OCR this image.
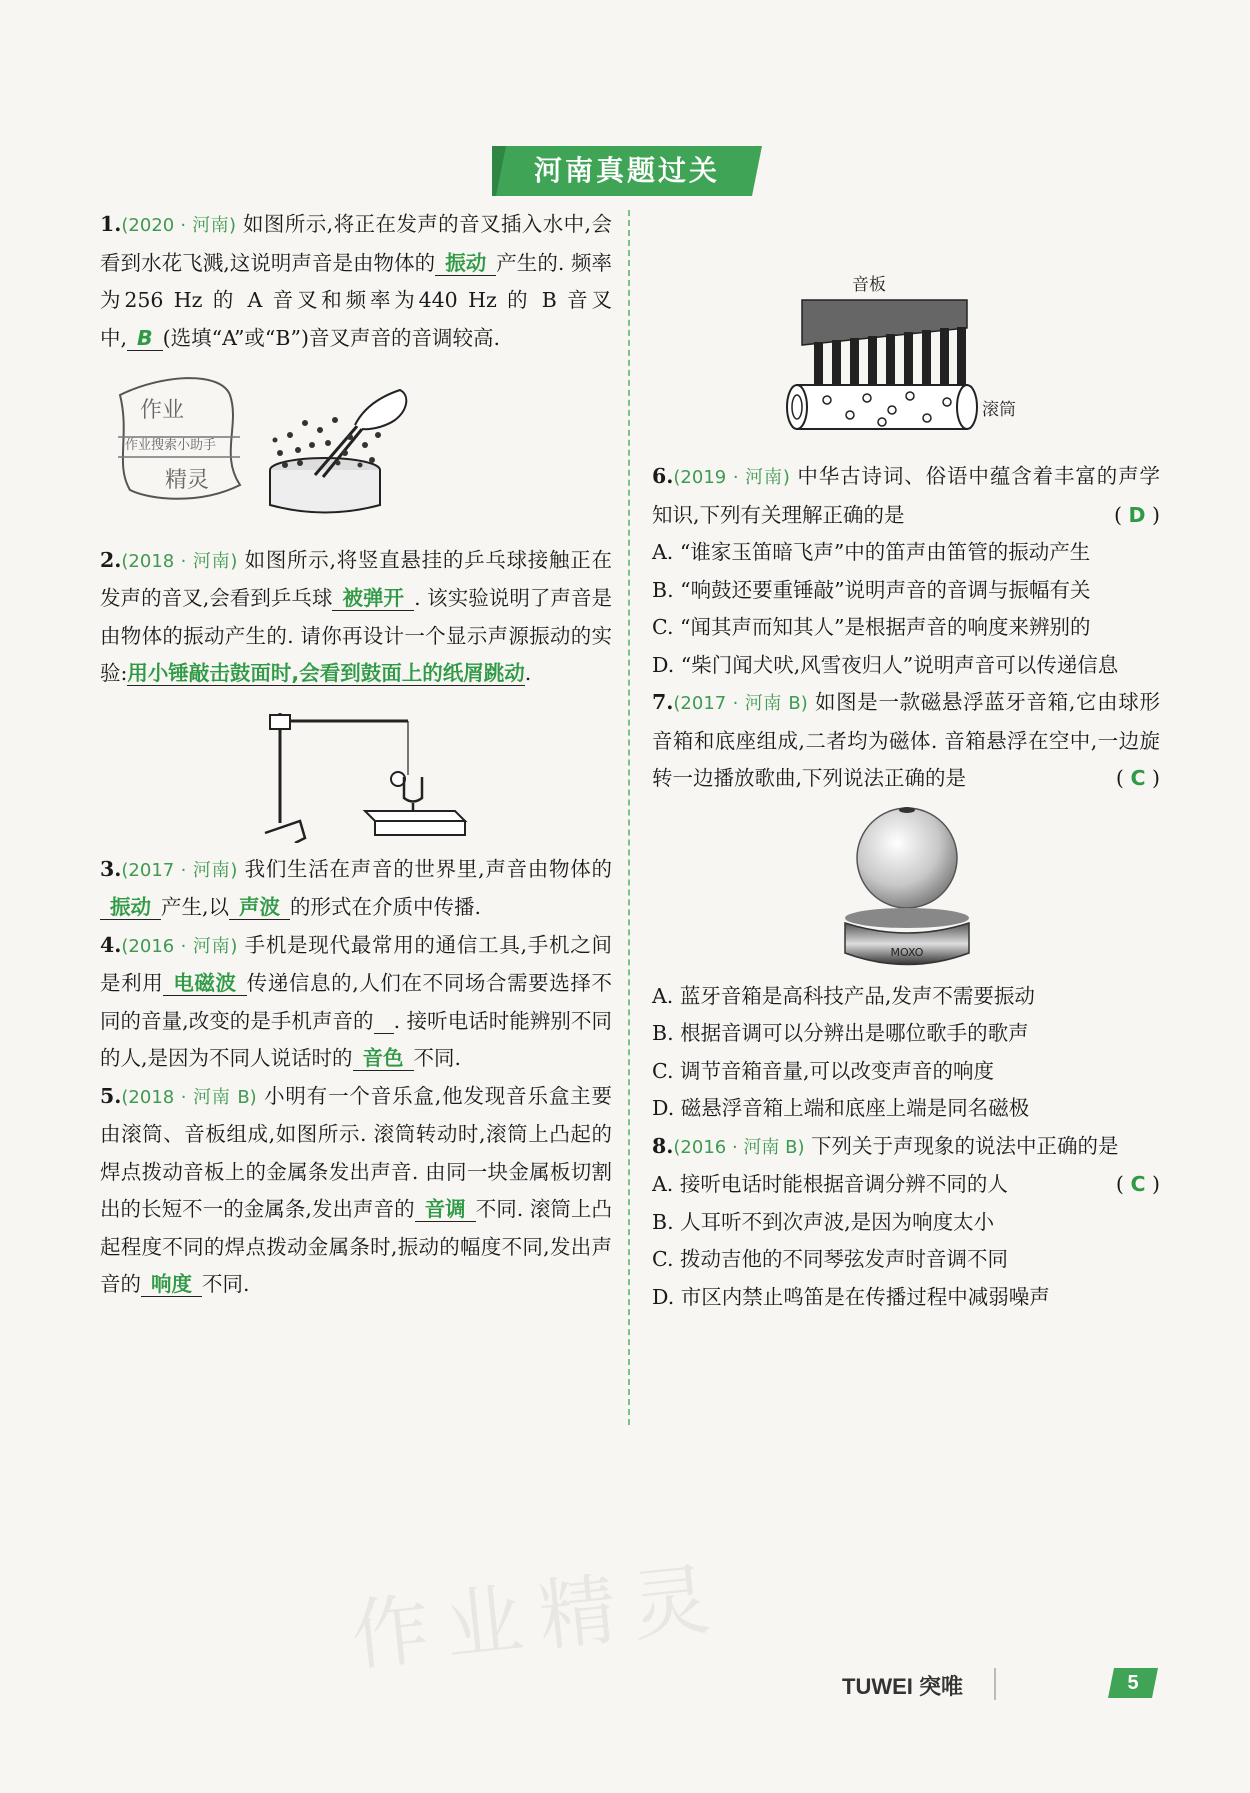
河南真题过关

1.(2020 · 河南) 如图所示,将正在发声的音叉插入水中,会看到水花飞溅,这说明声音是由物体的 振动 产生的. 频率为256 Hz 的 A 音叉和频率为440 Hz 的 B 音叉中, B (选填“A”或“B”)音叉声音的音调较高.

作业
作业搜索小助手
精灵

2.(2018 · 河南) 如图所示,将竖直悬挂的乒乓球接触正在发声的音叉,会看到乒乓球 被弹开 . 该实验说明了声音是由物体的振动产生的. 请你再设计一个显示声源振动的实验:用小锤敲击鼓面时,会看到鼓面上的纸屑跳动.

3.(2017 · 河南) 我们生活在声音的世界里,声音由物体的振动 产生,以 声波 的形式在介质中传播.

4.(2016 · 河南) 手机是现代最常用的通信工具,手机之间是利用 电磁波 传递信息的,人们在不同场合需要选择不同的音量,改变的是手机声音的 . 接听电话时能辨别不同的人,是因为不同人说话时的 音色 不同.

5.(2018 · 河南 B) 小明有一个音乐盒,他发现音乐盒主要由滚筒、音板组成,如图所示. 滚筒转动时,滚筒上凸起的焊点拨动音板上的金属条发出声音. 由同一块金属板切割出的长短不一的金属条,发出声音的 音调 不同. 滚筒上凸起程度不同的焊点拨动金属条时,振动的幅度不同,发出声音的 响度 不同.

音板
滚筒

6.(2019 · 河南) 中华古诗词、俗语中蕴含着丰富的声学知识,下列有关理解正确的是	( D )

A. “谁家玉笛暗飞声”中的笛声由笛管的振动产生

B. “响鼓还要重锤敲”说明声音的音调与振幅有关

C. “闻其声而知其人”是根据声音的响度来辨别的

D. “柴门闻犬吠,风雪夜归人”说明声音可以传递信息

7.(2017 · 河南 B) 如图是一款磁悬浮蓝牙音箱,它由球形音箱和底座组成,二者均为磁体. 音箱悬浮在空中,一边旋转一边播放歌曲,下列说法正确的是	( C )

MOXO

A. 蓝牙音箱是高科技产品,发声不需要振动

B. 根据音调可以分辨出是哪位歌手的歌声

C. 调节音箱音量,可以改变声音的响度

D. 磁悬浮音箱上端和底座上端是同名磁极

8.(2016 · 河南 B) 下列关于声现象的说法中正确的是
( C )

A. 接听电话时能根据音调分辨不同的人

B. 人耳听不到次声波,是因为响度太小

C. 拨动吉他的不同琴弦发声时音调不同

D. 市区内禁止鸣笛是在传播过程中减弱噪声

作业精灵
TUWEI 突唯	5
